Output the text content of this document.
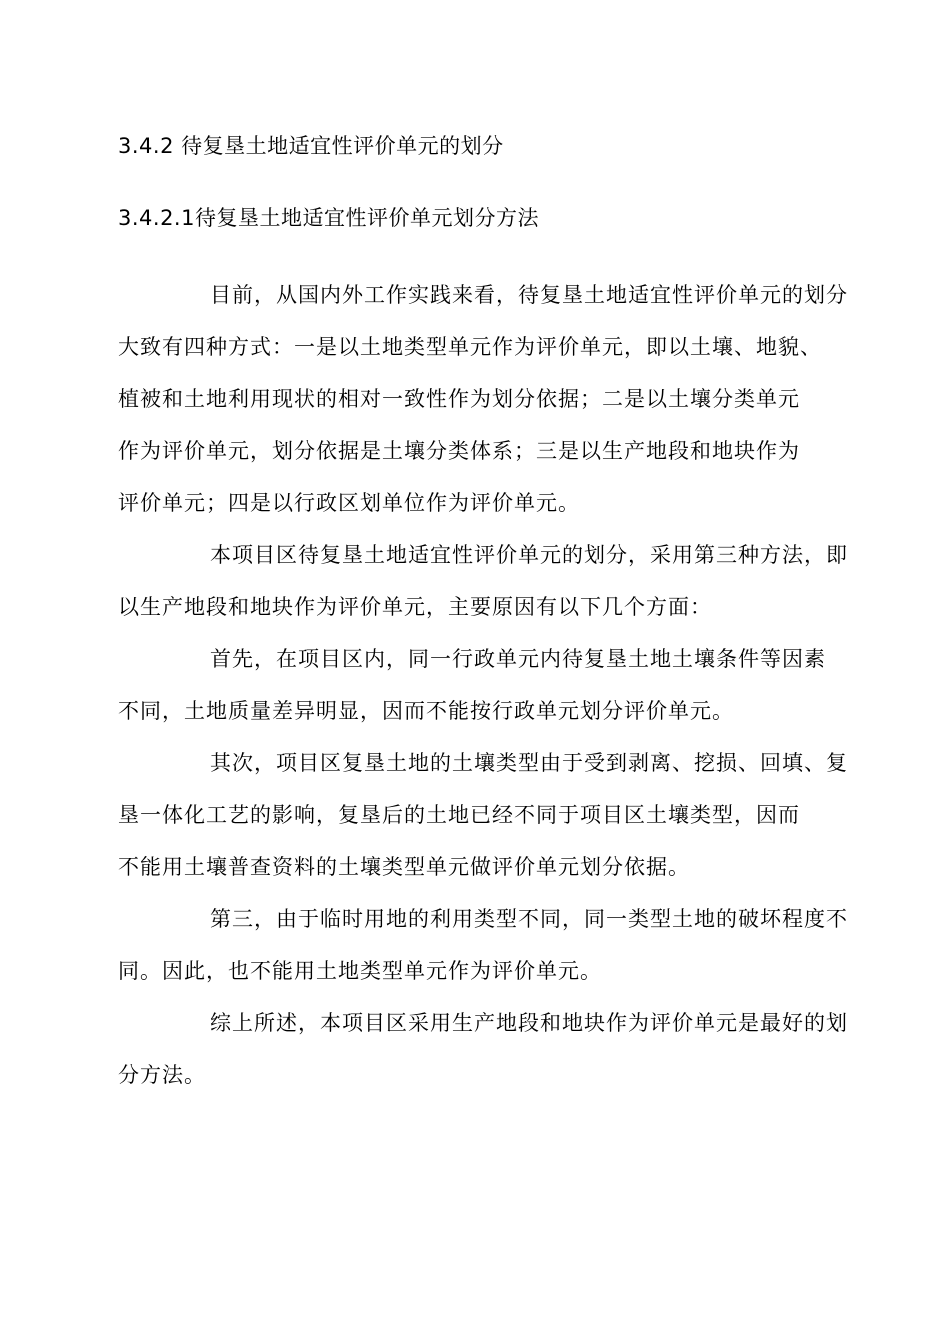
3.4.2 待复垦土地适宜性评价单元的划分
3.4.2.1待复垦土地适宜性评价单元划分方法
目前，从国内外工作实践来看，待复垦土地适宜性评价单元的划分
大致有四种方式：一是以土地类型单元作为评价单元，即以土壤、地貌、
植被和土地利用现状的相对一致性作为划分依据；二是以土壤分类单元
作为评价单元，划分依据是土壤分类体系；三是以生产地段和地块作为
评价单元；四是以行政区划单位作为评价单元。
本项目区待复垦土地适宜性评价单元的划分，采用第三种方法，即
以生产地段和地块作为评价单元，主要原因有以下几个方面：
首先，在项目区内，同一行政单元内待复垦土地土壤条件等因素
不同，土地质量差异明显，因而不能按行政单元划分评价单元。
其次，项目区复垦土地的土壤类型由于受到剥离、挖损、回填、复
垦一体化工艺的影响，复垦后的土地已经不同于项目区土壤类型，因而
不能用土壤普查资料的土壤类型单元做评价单元划分依据。
第三，由于临时用地的利用类型不同，同一类型土地的破坏程度不
同。因此，也不能用土地类型单元作为评价单元。
综上所述，本项目区采用生产地段和地块作为评价单元是最好的划
分方法。
